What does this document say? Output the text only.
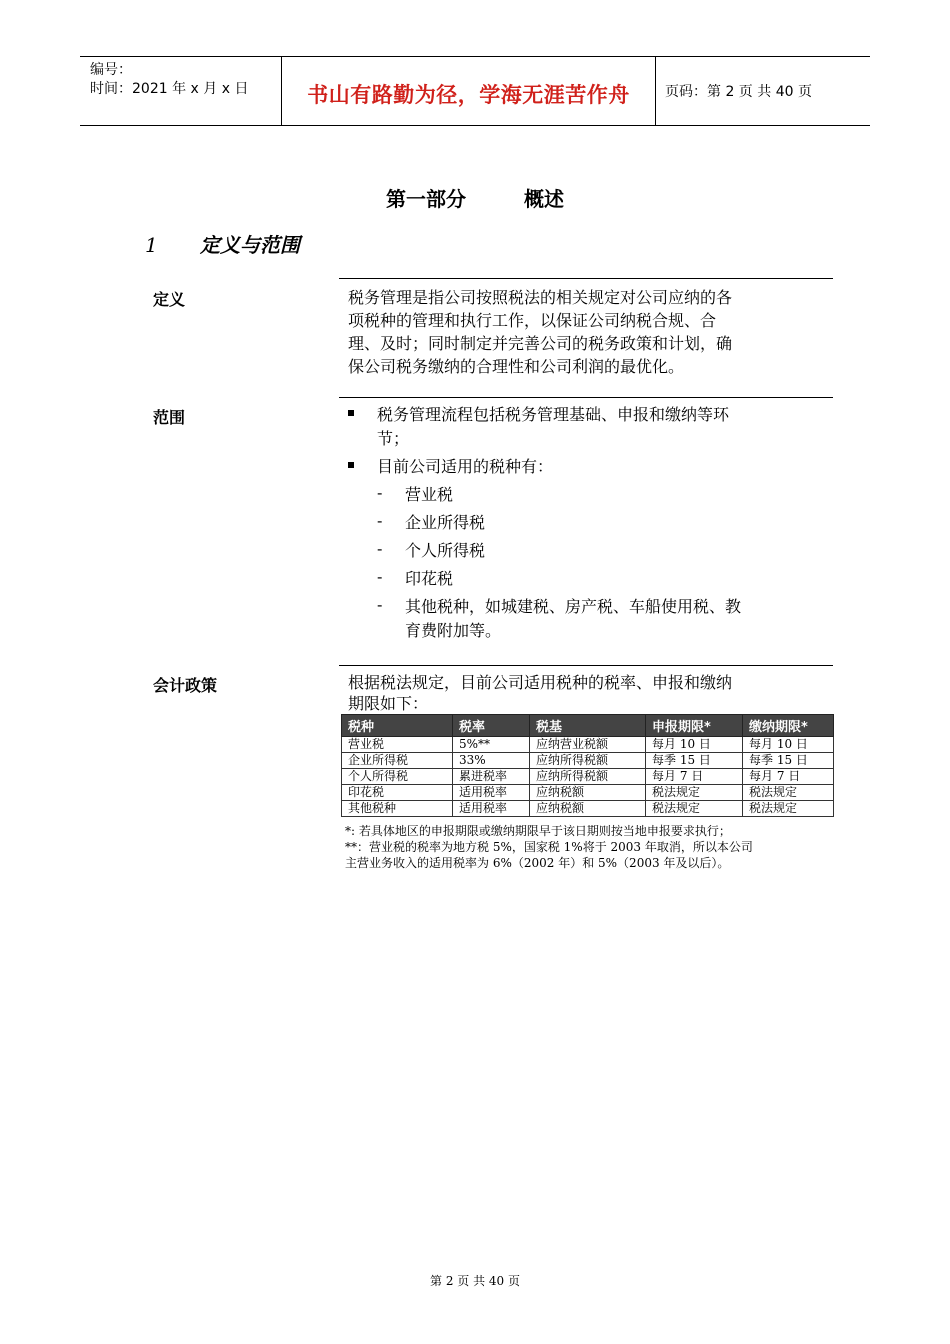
编号：
时间：2021 年 x 月 x 日	书山有路勤为径，学海无涯苦作舟	页码：第 2 页 共 40 页
第一部分	概述
1 定义与范围
定义	税务管理是指公司按照税法的相关规定对公司应纳的各
项税种的管理和执行工作，以保证公司纳税合规、合
理、及时；同时制定并完善公司的税务政策和计划，确
保公司税务缴纳的合理性和公司利润的最优化。
范围	税务管理流程包括税务管理基础、申报和缴纳等环
节；
目前公司适用的税种有：
- 营业税
- 企业所得税
- 个人所得税
- 印花税
- 其他税种，如城建税、房产税、车船使用税、教
育费附加等。
会计政策	根据税法规定，目前公司适用税种的税率、申报和缴纳
期限如下：
税种	税率	税基	申报期限*	缴纳期限*
营业税	5%**	应纳营业税额	每月 10 日	每月 10 日
企业所得税	33%	应纳所得税额	每季 15 日	每季 15 日
个人所得税	累进税率	应纳所得税额	每月 7 日	每月 7 日
印花税	适用税率	应纳税额	税法规定	税法规定
其他税种	适用税率	应纳税额	税法规定	税法规定
*: 若具体地区的申报期限或缴纳期限早于该日期则按当地申报要求执行；
**：营业税的税率为地方税 5%，国家税 1%将于 2003 年取消，所以本公司
主营业务收入的适用税率为 6%（2002 年）和 5%（2003 年及以后）。
第 2 页 共 40 页
